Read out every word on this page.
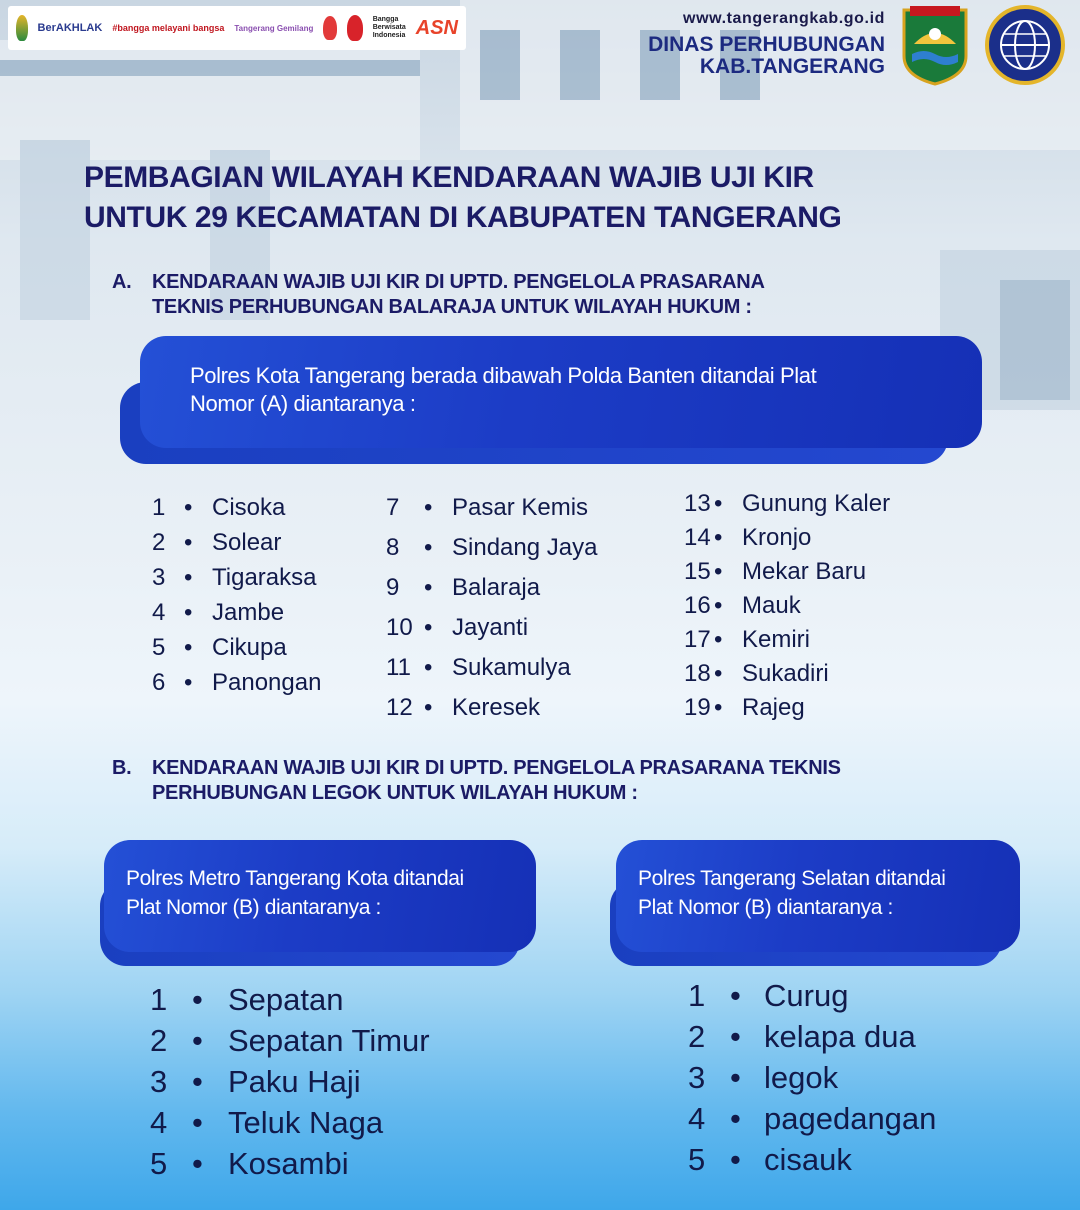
BerAKHLAK #bangga melayani bangsa Tangerang Gemilang
Bangga Berwisata Indonesia ASN	www.tangerangkab.go.id
DINAS PERHUBUNGAN
KAB.TANGERANG
PEMBAGIAN WILAYAH KENDARAAN WAJIB UJI KIR
UNTUK 29 KECAMATAN DI KABUPATEN TANGERANG
A. KENDARAAN WAJIB UJI KIR DI UPTD. PENGELOLA PRASARANA
TEKNIS PERHUBUNGAN BALARAJA UNTUK WILAYAH HUKUM :
Polres Kota Tangerang berada dibawah Polda Banten ditandai Plat
Nomor (A) diantaranya :
1 • Cisoka
2 • Solear
3 • Tigaraksa
4 • Jambe
5 • Cikupa
6 • Panongan
7 • Pasar Kemis
8 • Sindang Jaya
9 • Balaraja
10 • Jayanti
11 • Sukamulya
12 • Keresek
13 • Gunung Kaler
14 • Kronjo
15 • Mekar Baru
16 • Mauk
17 • Kemiri
18 • Sukadiri
19 • Rajeg
B. KENDARAAN WAJIB UJI KIR DI UPTD. PENGELOLA PRASARANA TEKNIS
PERHUBUNGAN LEGOK UNTUK WILAYAH HUKUM :
Polres Metro Tangerang Kota ditandai
Plat Nomor (B) diantaranya :
Polres Tangerang Selatan ditandai
Plat Nomor (B) diantaranya :
1 • Sepatan
2 • Sepatan Timur
3 • Paku Haji
4 • Teluk Naga
5 • Kosambi
1 • Curug
2 • kelapa dua
3 • legok
4 • pagedangan
5 • cisauk
